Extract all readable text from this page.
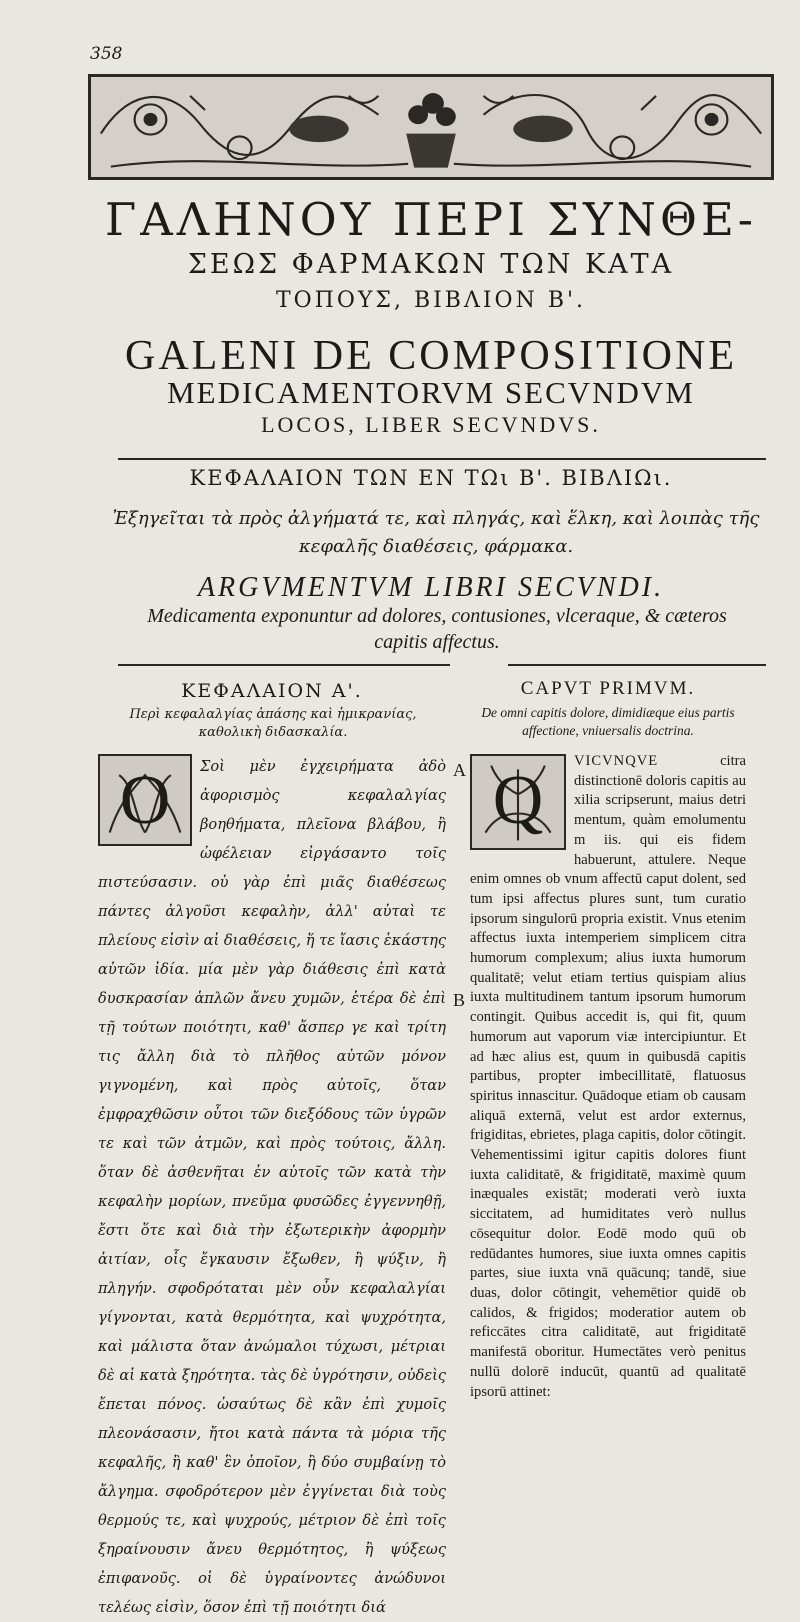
358
ΓΑΛΗΝΟΥ ΠΕΡΙ ΣΥΝΘΕ-
ΣΕΩΣ ΦΑΡΜΑΚΩΝ ΤΩΝ ΚΑΤΑ
ΤΟΠΟΥΣ, ΒΙΒΛΙΟΝ Β'.
GALENI DE COMPOSITIONE
MEDICAMENTORVM SECVNDVM
LOCOS, LIBER SECVNDVS.
ΚΕΦΑΛΑΙΟΝ ΤΩΝ ΕΝ ΤΩι Β'. ΒΙΒΛΙΩι.
Ἐξηγεῖται τὰ πρὸς ἀλγήματά τε, καὶ πληγάς, καὶ ἕλκη, καὶ λοιπὰς τῆς κεφαλῆς διαθέσεις, φάρμακα.
ARGVMENTVM LIBRI SECVNDI.
Medicamenta exponuntur ad dolores, contusiones, vlceraque, & cæteros capitis affectus.
ΚΕΦΑΛΑΙΟΝ Α'.
Περὶ κεφαλαλγίας ἁπάσης καὶ ἡμικρανίας, καθολικὴ διδασκαλία.
CAPVT PRIMVM.
De omni capitis dolore, dimidiæque eius partis affectione, vniuersalis doctrina.
Ο	Σοὶ μὲν ἐγχειρήματα ἀδὸ ἀφορισμὸς κεφαλαλγίας βοηθήματα, πλεῖονα βλάβου, ἢ ὠφέλειαν εἰργάσαντο τοῖς πιστεύσασιν. οὐ γὰρ ἐπὶ μιᾶς διαθέσεως πάντες ἀλγοῦσι κεφαλὴν, ἀλλ' αὐταὶ τε πλείους εἰσὶν αἱ διαθέσεις, ἥ τε ἴασις ἑκάστης αὐτῶν ἰδία. μία μὲν γὰρ διάθεσις ἐπὶ κατὰ δυσκρασίαν ἁπλῶν ἄνευ χυμῶν, ἑτέρα δὲ ἐπὶ τῇ τούτων ποιότητι, καθ' ἄσπερ γε καὶ τρίτη τις ἄλλη διὰ τὸ πλῆθος αὐτῶν μόνον γιγνομένη, καὶ πρὸς αὐτοῖς, ὅταν ἐμφραχθῶσιν οὗτοι τῶν διεξόδους τῶν ὑγρῶν τε καὶ τῶν ἀτμῶν, καὶ πρὸς τούτοις, ἄλλη. ὅταν δὲ ἀσθενῆται ἐν αὐτοῖς τῶν κατὰ τὴν κεφαλὴν μορίων, πνεῦμα φυσῶδες ἐγγεννηθῇ, ἔστι ὅτε καὶ διὰ τὴν ἐξωτερικὴν ἀφορμὴν ἀιτίαν, οἷς ἔγκαυσιν ἔξωθεν, ἢ ψύξιν, ἢ πληγήν. σφοδρόταται μὲν οὖν κεφαλαλγίαι γίγνονται, κατὰ θερμότητα, καὶ ψυχρότητα, καὶ μάλιστα ὅταν ἀνώμαλοι τύχωσι, μέτριαι δὲ αἱ κατὰ ξηρότητα. τὰς δὲ ὑγρότησιν, οὐδεὶς ἔπεται πόνος. ὡσαύτως δὲ κἂν ἐπὶ χυμοῖς πλεονάσασιν, ἤτοι κατὰ πάντα τὰ μόρια τῆς κεφαλῆς, ἢ καθ' ἓν ὁποῖον, ἢ δύο συμβαίνῃ τὸ ἄλγημα. σφοδρότερον μὲν ἐγγίνεται διὰ τοὺς θερμούς τε, καὶ ψυχρούς, μέτριον δὲ ἐπὶ τοῖς ξηραίνουσιν ἄνευ θερμότητος, ἢ ψύξεως ἐπιφανοῦς. οἱ δὲ ὑγραίνοντες ἀνώδυνοι τελέως εἰσὶν, ὅσον ἐπὶ τῇ ποιότητι διά
A
B
Q
VICVNQVE citra distinctionē doloris capitis au xilia scripserunt, maius detri mentum, quàm emolumentu m iis. qui eis fidem habuerunt, attulere. Neque enim omnes ob vnum affectū caput dolent, sed tum ipsi affectus plures sunt, tum curatio ipsorum singulorū propria existit. Vnus etenim affectus iuxta intemperiem simplicem citra humorum complexum; alius iuxta humorum qualitatē; velut etiam tertius quispiam alius iuxta multitudinem tantum ipsorum humorum contingit. Quibus accedit is, qui fit, quum humorum aut vaporum viæ intercipiuntur. Et ad hæc alius est, quum in quibusdā capitis partibus, propter imbecillitatē, flatuosus spiritus innascitur. Quādoque etiam ob causam aliquā externā, velut est ardor externus, frigiditas, ebrietes, plaga capitis, dolor cōtingit. Vehementissimi igitur capitis dolores fiunt iuxta caliditatē, & frigiditatē, maximè quum inæquales existāt; moderati verò iuxta siccitatem, ad humiditates verò nullus cōsequitur dolor. Eodē modo quū ob redūdantes humores, siue iuxta omnes capitis partes, siue iuxta vnā quācunq; tandē, siue duas, dolor cōtingit, vehemētior quidē ob calidos, & frigidos; moderatior autem ob reficcātes citra caliditatē, aut frigiditatē manifestā oboritur. Humectātes verò penitus nullū dolorē inducūt, quantū ad qualitatē ipsorū attinet:
